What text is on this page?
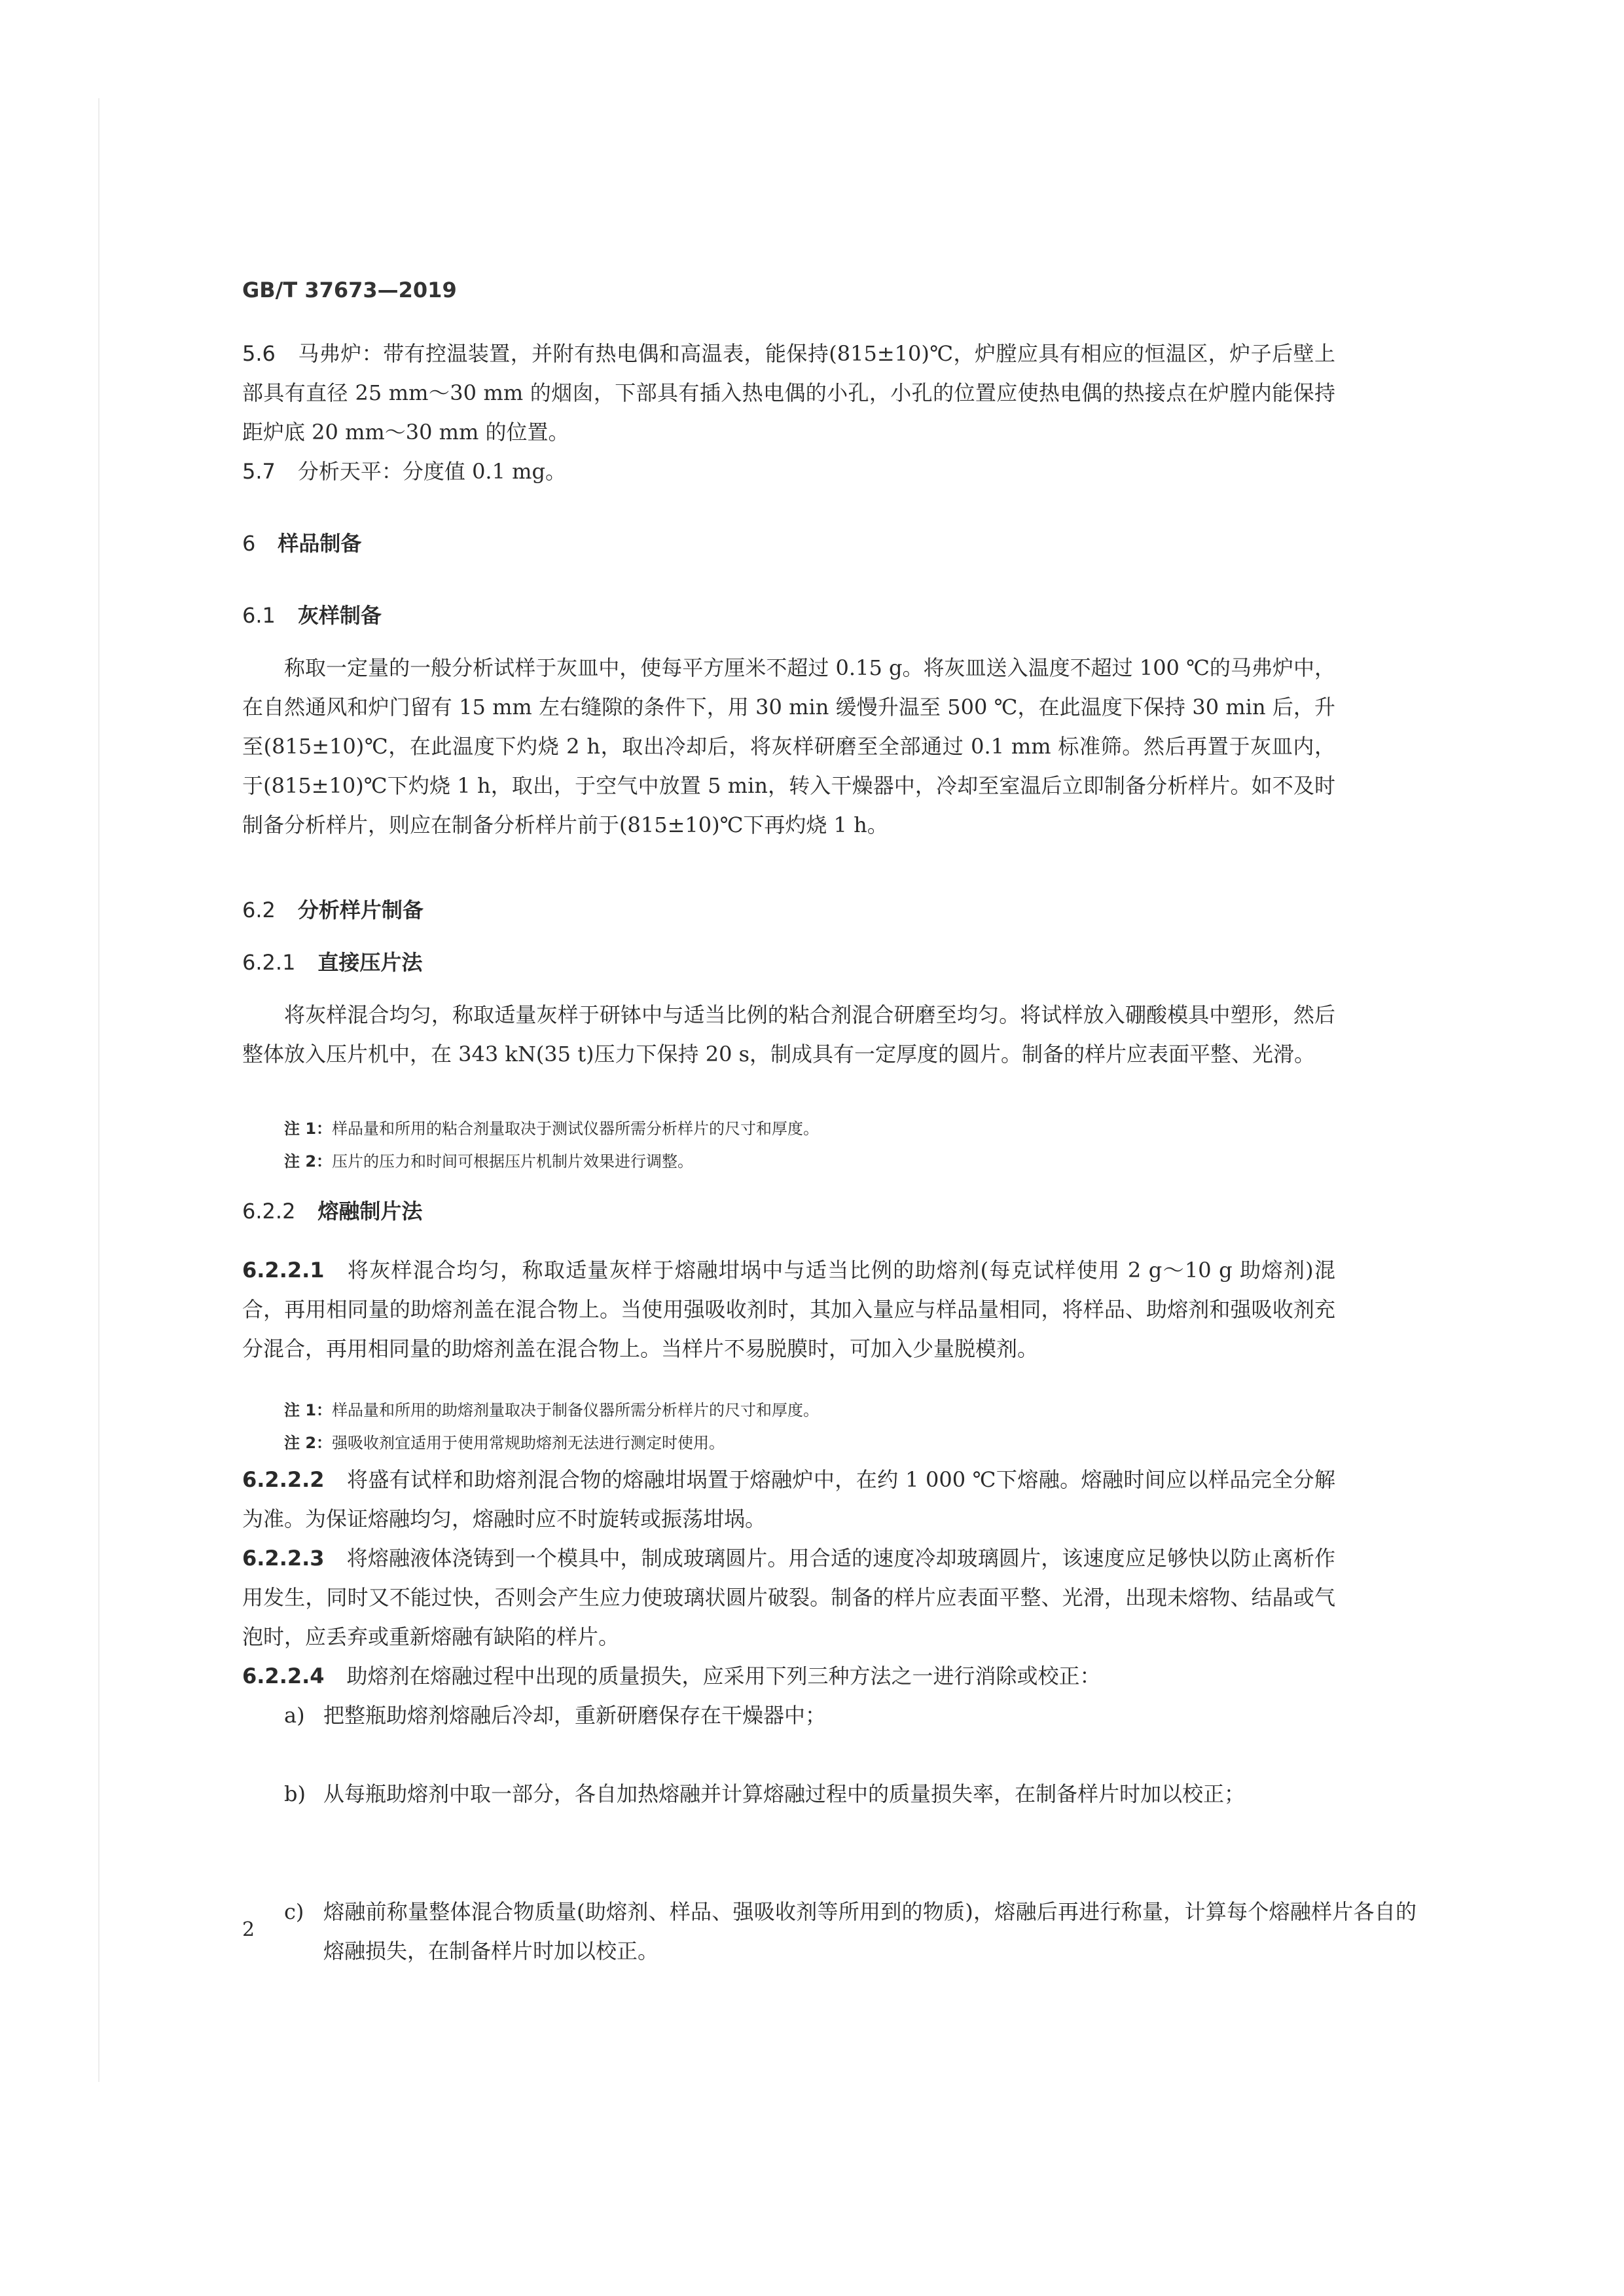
GB/T 37673—2019
5.6 马弗炉：带有控温装置，并附有热电偶和高温表，能保持(815±10)℃，炉膛应具有相应的恒温区，炉子后壁上部具有直径 25 mm～30 mm 的烟囱，下部具有插入热电偶的小孔，小孔的位置应使热电偶的热接点在炉膛内能保持距炉底 20 mm～30 mm 的位置。
5.7 分析天平：分度值 0.1 mg。
6 样品制备
6.1 灰样制备
称取一定量的一般分析试样于灰皿中，使每平方厘米不超过 0.15 g。将灰皿送入温度不超过 100 ℃的马弗炉中，在自然通风和炉门留有 15 mm 左右缝隙的条件下，用 30 min 缓慢升温至 500 ℃，在此温度下保持 30 min 后，升至(815±10)℃，在此温度下灼烧 2 h，取出冷却后，将灰样研磨至全部通过 0.1 mm 标准筛。然后再置于灰皿内，于(815±10)℃下灼烧 1 h，取出，于空气中放置 5 min，转入干燥器中，冷却至室温后立即制备分析样片。如不及时制备分析样片，则应在制备分析样片前于(815±10)℃下再灼烧 1 h。
6.2 分析样片制备
6.2.1 直接压片法
将灰样混合均匀，称取适量灰样于研钵中与适当比例的粘合剂混合研磨至均匀。将试样放入硼酸模具中塑形，然后整体放入压片机中，在 343 kN(35 t)压力下保持 20 s，制成具有一定厚度的圆片。制备的样片应表面平整、光滑。
注 1：样品量和所用的粘合剂量取决于测试仪器所需分析样片的尺寸和厚度。
注 2：压片的压力和时间可根据压片机制片效果进行调整。
6.2.2 熔融制片法
6.2.2.1 将灰样混合均匀，称取适量灰样于熔融坩埚中与适当比例的助熔剂(每克试样使用 2 g～10 g 助熔剂)混合，再用相同量的助熔剂盖在混合物上。当使用强吸收剂时，其加入量应与样品量相同，将样品、助熔剂和强吸收剂充分混合，再用相同量的助熔剂盖在混合物上。当样片不易脱膜时，可加入少量脱模剂。
注 1：样品量和所用的助熔剂量取决于制备仪器所需分析样片的尺寸和厚度。
注 2：强吸收剂宜适用于使用常规助熔剂无法进行测定时使用。
6.2.2.2 将盛有试样和助熔剂混合物的熔融坩埚置于熔融炉中，在约 1 000 ℃下熔融。熔融时间应以样品完全分解为准。为保证熔融均匀，熔融时应不时旋转或振荡坩埚。
6.2.2.3 将熔融液体浇铸到一个模具中，制成玻璃圆片。用合适的速度冷却玻璃圆片，该速度应足够快以防止离析作用发生，同时又不能过快，否则会产生应力使玻璃状圆片破裂。制备的样片应表面平整、光滑，出现未熔物、结晶或气泡时，应丢弃或重新熔融有缺陷的样片。
6.2.2.4 助熔剂在熔融过程中出现的质量损失，应采用下列三种方法之一进行消除或校正：
a) 把整瓶助熔剂熔融后冷却，重新研磨保存在干燥器中；
b) 从每瓶助熔剂中取一部分，各自加热熔融并计算熔融过程中的质量损失率，在制备样片时加以校正；
c) 熔融前称量整体混合物质量(助熔剂、样品、强吸收剂等所用到的物质)，熔融后再进行称量，计算每个熔融样片各自的熔融损失，在制备样片时加以校正。
2
